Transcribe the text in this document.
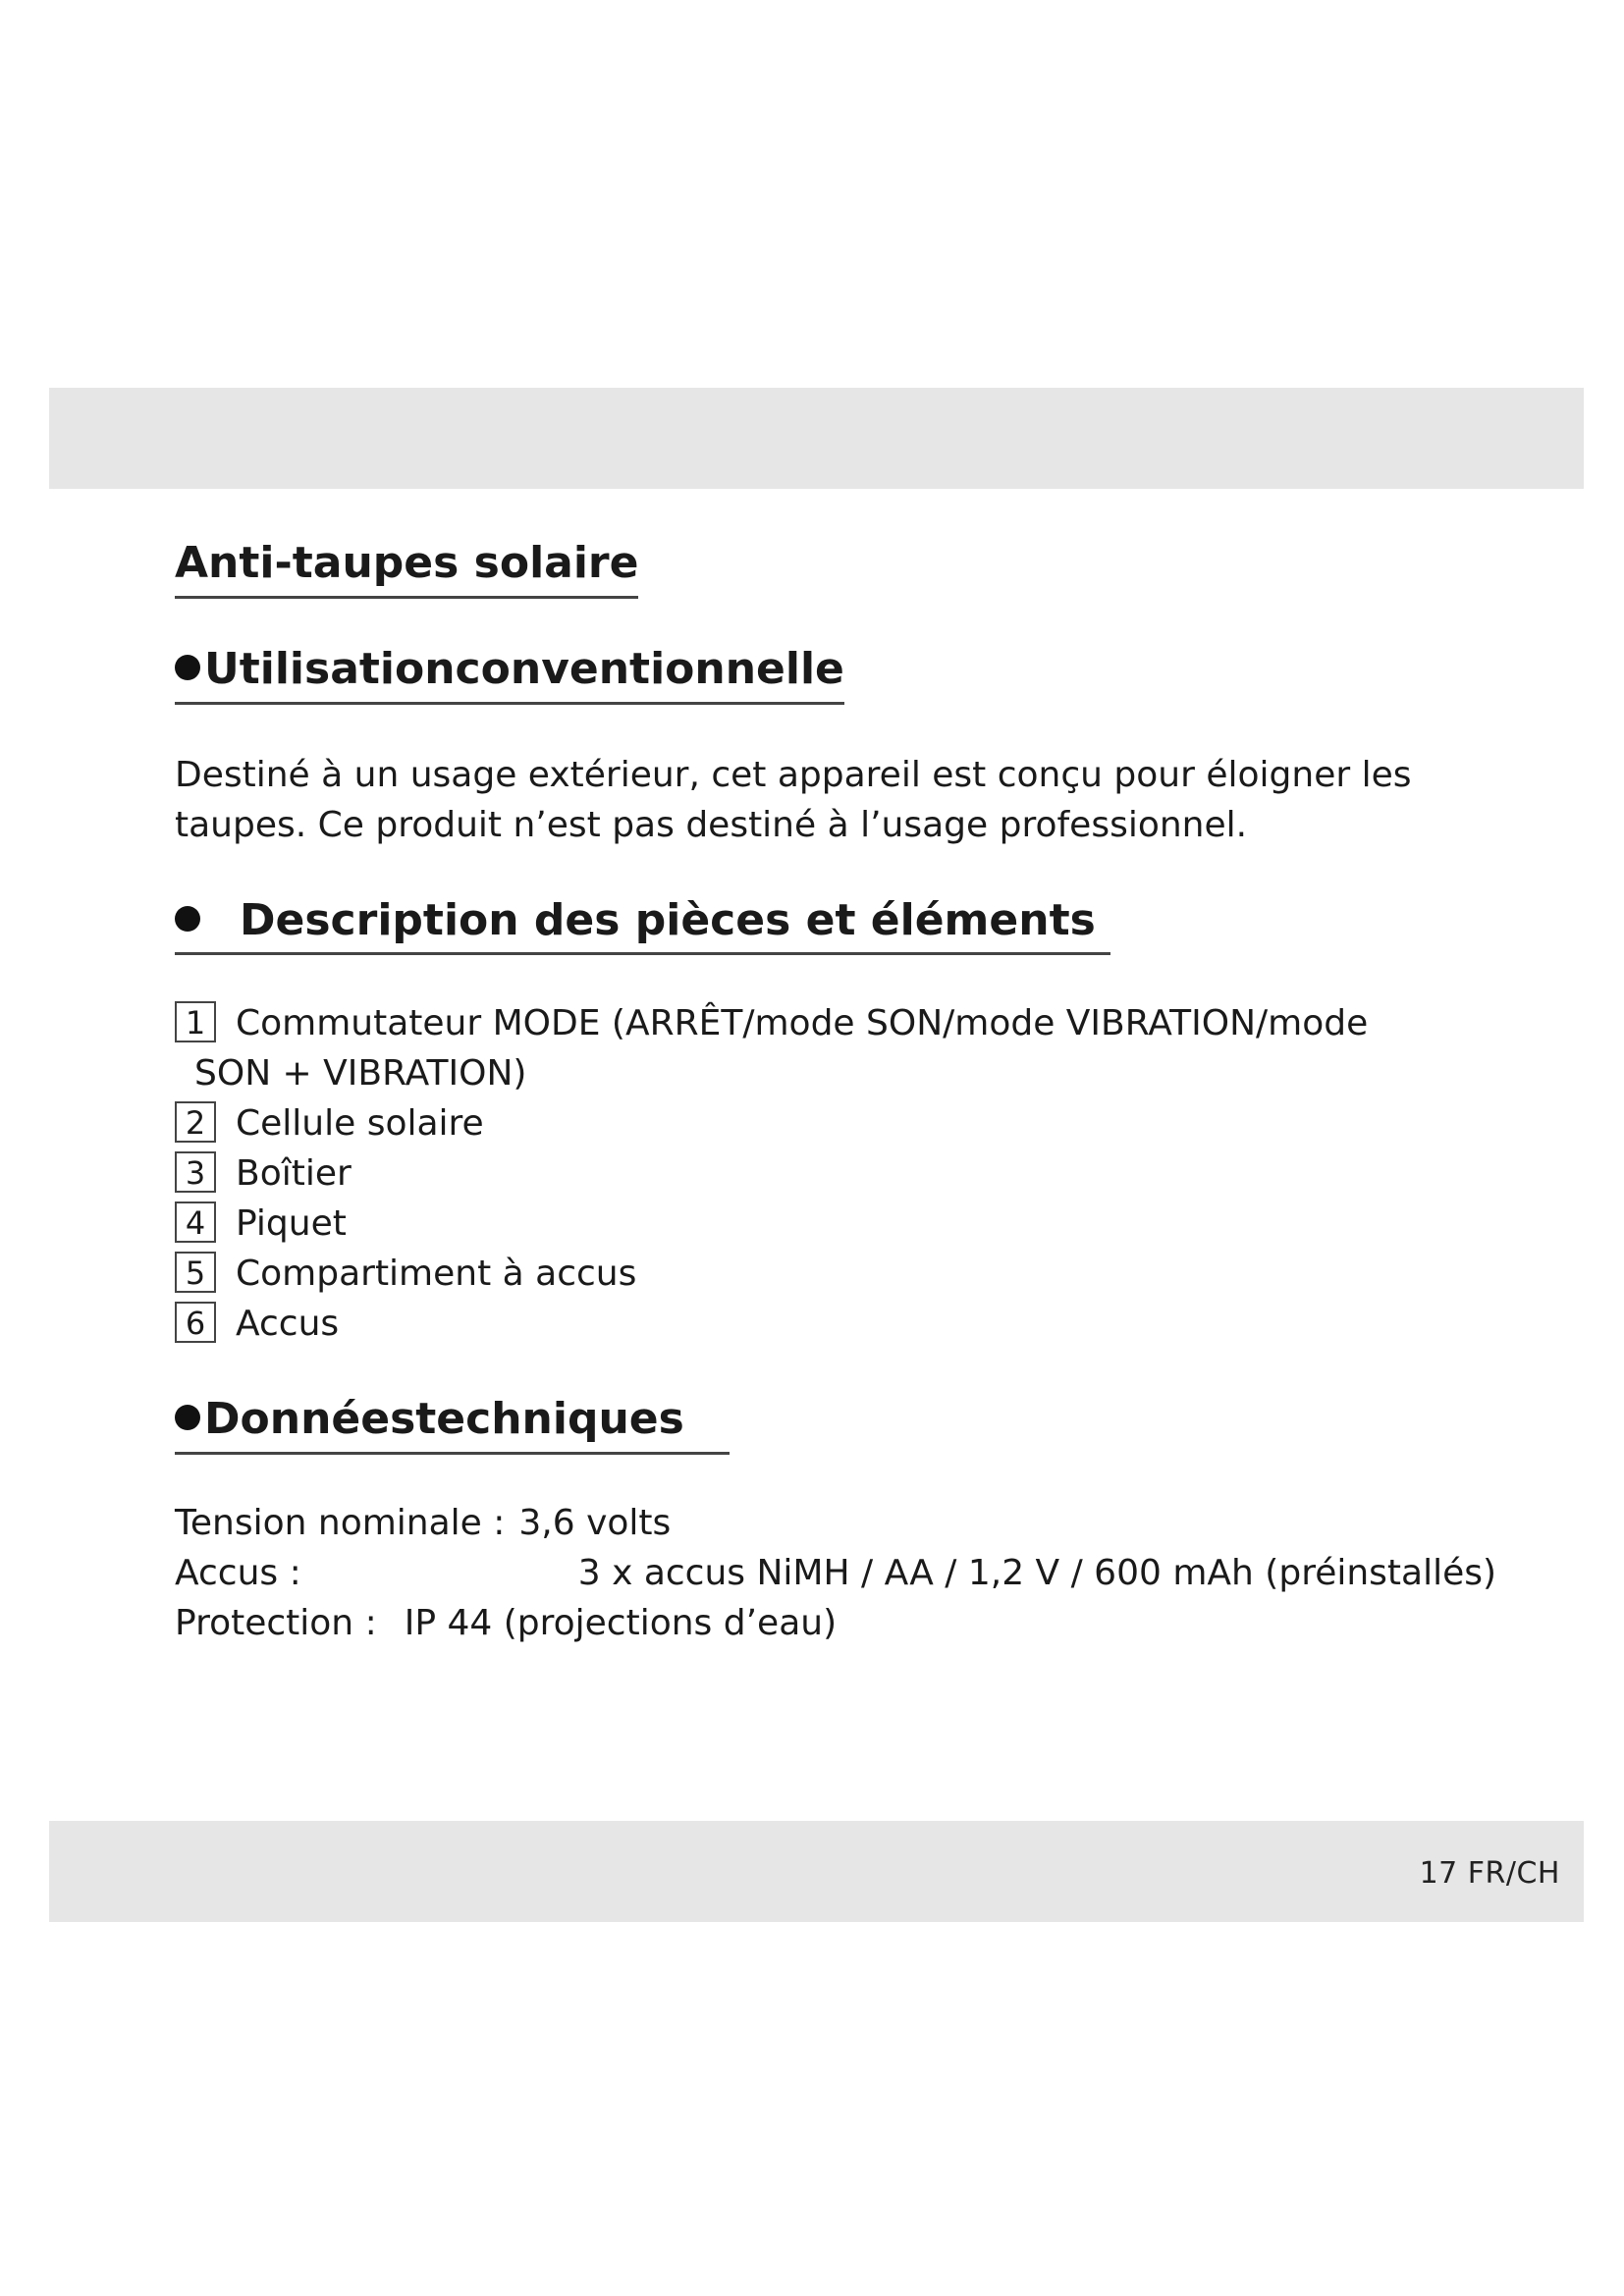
Anti-taupes solaire
Utilisationconventionnelle

Destiné à un usage extérieur, cet appareil est conçu pour éloigner les taupes. Ce produit n’est pas destiné à l’usage professionnel.

Description des pièces et éléments
1 Commutateur MODE (ARRÊT/mode SON/mode VIBRATION/mode
SON + VIBRATION)
2 Cellule solaire
3 Boîtier
4 Piquet
5 Compartiment à accus
6 Accus
Donnéestechniques
Tension nominale : 3,6 volts
Accus :	3 x accus NiMH / AA / 1,2 V / 600 mAh (préinstallés)
Protection : IP 44 (projections d’eau)
17 FR/CH
